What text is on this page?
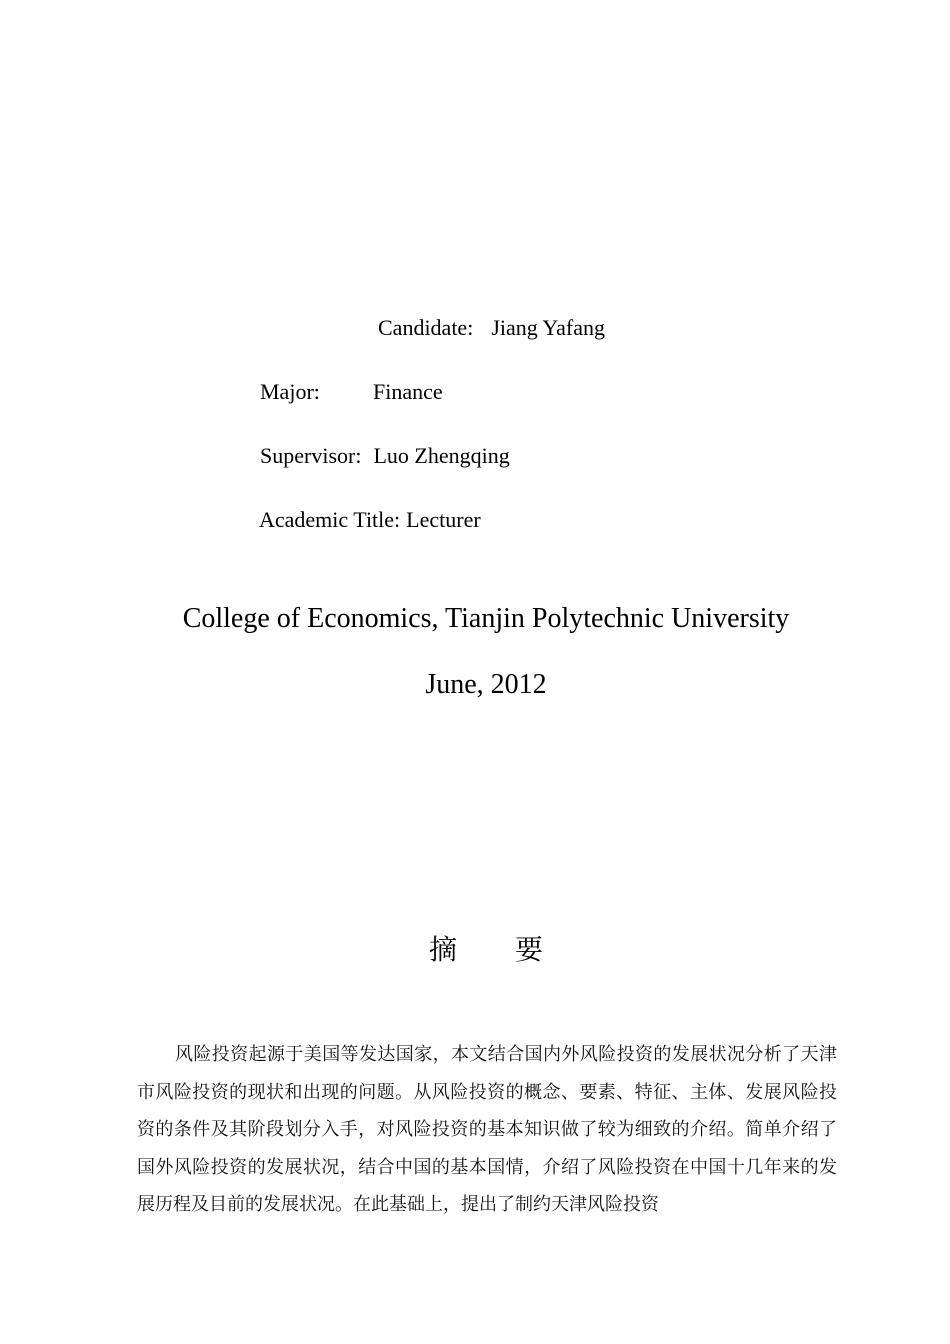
Candidate: Jiang Yafang

Major: Finance

Supervisor: Luo Zhengqing

Academic Title: Lecturer

College of Economics, Tianjin Polytechnic University
June, 2012
摘 要

风险投资起源于美国等发达国家，本文结合国内外风险投资的发展状况分析了天津市风险投资的现状和出现的问题。从风险投资的概念、要素、特征、主体、发展风险投资的条件及其阶段划分入手，对风险投资的基本知识做了较为细致的介绍。简单介绍了国外风险投资的发展状况，结合中国的基本国情，介绍了风险投资在中国十几年来的发展历程及目前的发展状况。在此基础上，提出了制约天津风险投资
